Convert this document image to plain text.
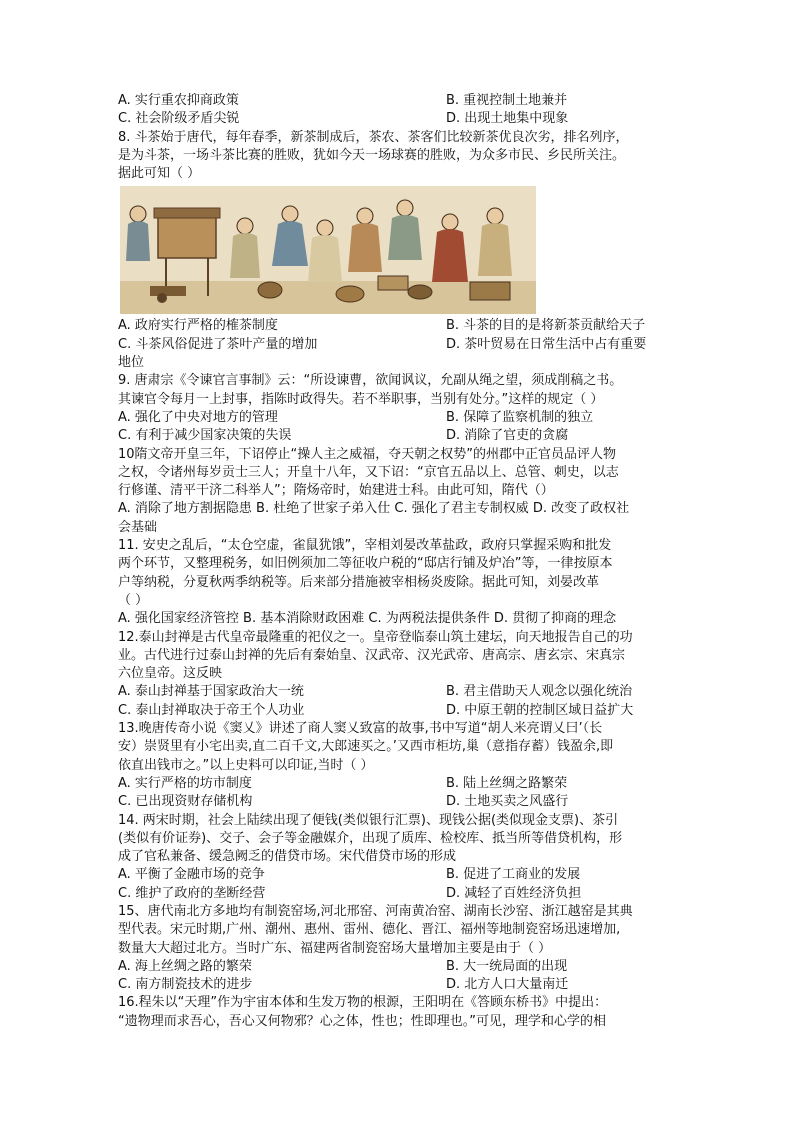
A. 实行重农抑商政策	B. 重视控制土地兼并
C. 社会阶级矛盾尖锐	D. 出现土地集中现象
8. 斗茶始于唐代，每年春季，新茶制成后，茶农、茶客们比较新茶优良次劣，排名列序，
是为斗茶，一场斗茶比赛的胜败，犹如今天一场球赛的胜败，为众多市民、乡民所关注。
据此可知（ ）
A. 政府实行严格的榷茶制度	B. 斗茶的目的是将新茶贡献给天子
C. 斗茶风俗促进了茶叶产量的增加	D. 茶叶贸易在日常生活中占有重要
地位
9. 唐肃宗《令谏官言事制》云：“所设谏曹，欲闻讽议，允副从绳之望，须成削稿之书。
其谏官令每月一上封事，指陈时政得失。若不举职事，当别有处分。”这样的规定（ ）
A. 强化了中央对地方的管理	B. 保障了监察机制的独立
C. 有利于减少国家决策的失误	D. 消除了官吏的贪腐
10隋文帝开皇三年，下诏停止“操人主之威福，夺天朝之权势”的州郡中正官员品评人物
之权，令诸州每岁贡士三人；开皇十八年，又下诏：“京官五品以上、总管、刺史，以志
行修谨、清平干济二科举人”；隋炀帝时，始建进士科。由此可知，隋代（）
A. 消除了地方割据隐患 B. 杜绝了世家子弟入仕 C. 强化了君主专制权威 D. 改变了政权社
会基础
11. 安史之乱后，“太仓空虚，雀鼠犹饿”，宰相刘晏改革盐政，政府只掌握采购和批发
两个环节，又整理税务，如旧例须加二等征收户税的“邸店行铺及炉冶”等，一律按原本
户等纳税，分夏秋两季纳税等。后来部分措施被宰相杨炎废除。据此可知，刘晏改革
（ ）
A. 强化国家经济管控 B. 基本消除财政困难 C. 为两税法提供条件 D. 贯彻了抑商的理念
12.泰山封禅是古代皇帝最隆重的祀仪之一。皇帝登临泰山筑土建坛，向天地报告自己的功
业。古代进行过泰山封禅的先后有秦始皇、汉武帝、汉光武帝、唐高宗、唐玄宗、宋真宗
六位皇帝。这反映
A. 泰山封禅基于国家政治大一统	B. 君主借助天人观念以强化统治
C. 泰山封禅取决于帝王个人功业	D. 中原王朝的控制区域日益扩大
13.晚唐传奇小说《窦乂》讲述了商人窦乂致富的故事,书中写道“胡人米亮谓乂曰’（长
安）崇贤里有小宅出卖,直二百千文,大郎速买之。’又西市柜坊,巢（意指存蓄）钱盈余,即
依直出钱市之。”以上史料可以印证,当时（ ）
A. 实行严格的坊市制度	B. 陆上丝绸之路繁荣
C. 已出现资财存储机构	D. 土地买卖之风盛行
14. 两宋时期，社会上陆续出现了便钱(类似银行汇票)、现钱公据(类似现金支票)、茶引
(类似有价证券)、交子、会子等金融媒介，出现了质库、检校库、抵当所等借贷机构，形
成了官私兼备、缓急阙乏的借贷市场。宋代借贷市场的形成
A. 平衡了金融市场的竞争	B. 促进了工商业的发展
C. 维护了政府的垄断经营	D. 减轻了百姓经济负担
15、唐代南北方多地均有制瓷窑场,河北邢窑、河南黄冶窑、湖南长沙窑、浙江越窑是其典
型代表。宋元时期,广州、潮州、惠州、雷州、德化、晋江、福州等地制瓷窑场迅速增加,
数量大大超过北方。当时广东、福建两省制瓷窑场大量增加主要是由于（ ）
A. 海上丝绸之路的繁荣	B. 大一统局面的出现
C. 南方制瓷技术的进步	D. 北方人口大量南迁
16.程朱以“天理”作为宇宙本体和生发万物的根源，王阳明在《答顾东桥书》中提出：
“遗物理而求吾心，吾心又何物邪？心之体，性也；性即理也。”可见，理学和心学的相
